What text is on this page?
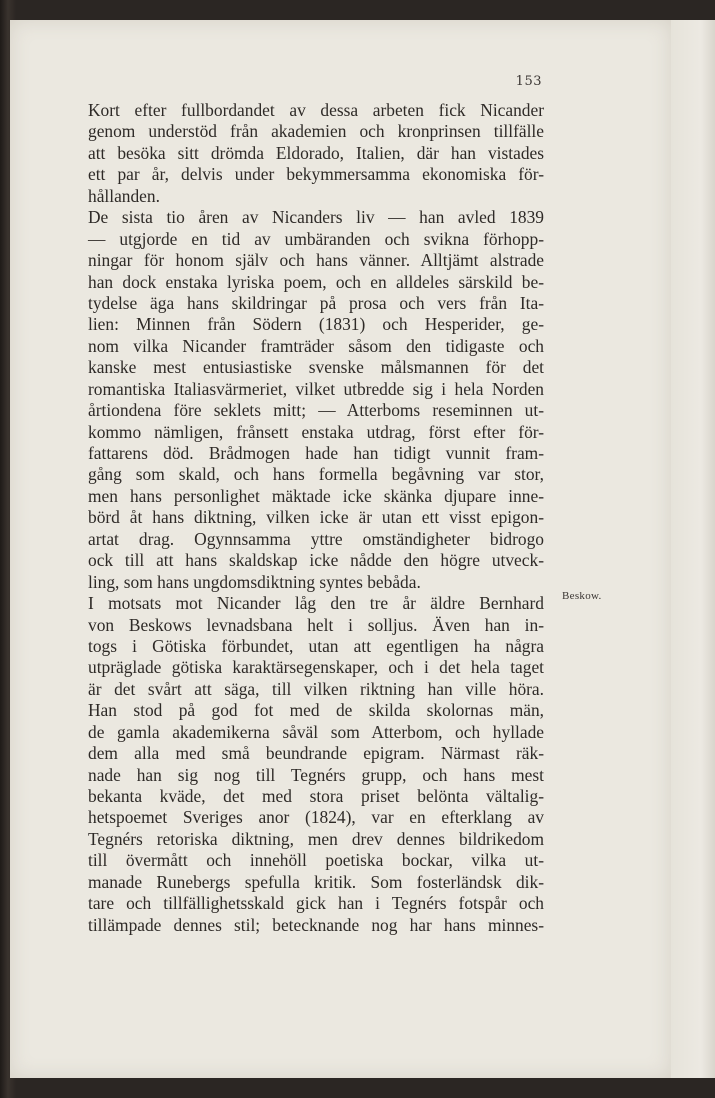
153
Kort efter fullbordandet av dessa arbeten fick Nicander
genom understöd från akademien och kronprinsen tillfälle
att besöka sitt drömda Eldorado, Italien, där han vistades
ett par år, delvis under bekymmersamma ekonomiska för-
hållanden.
De sista tio åren av Nicanders liv — han avled 1839
— utgjorde en tid av umbäranden och svikna förhopp-
ningar för honom själv och hans vänner. Alltjämt alstrade
han dock enstaka lyriska poem, och en alldeles särskild be-
tydelse äga hans skildringar på prosa och vers från Ita-
lien: Minnen från Södern (1831) och Hesperider, ge-
nom vilka Nicander framträder såsom den tidigaste och
kanske mest entusiastiske svenske målsmannen för det
romantiska Italiasvärmeriet, vilket utbredde sig i hela Norden
årtiondena före seklets mitt; — Atterboms reseminnen ut-
kommo nämligen, frånsett enstaka utdrag, först efter för-
fattarens död. Brådmogen hade han tidigt vunnit fram-
gång som skald, och hans formella begåvning var stor,
men hans personlighet mäktade icke skänka djupare inne-
börd åt hans diktning, vilken icke är utan ett visst epigon-
artat drag. Ogynnsamma yttre omständigheter bidrogo
ock till att hans skaldskap icke nådde den högre utveck-
ling, som hans ungdomsdiktning syntes bebåda.
I motsats mot Nicander låg den tre år äldre Bernhard
von Beskows levnadsbana helt i solljus. Även han in-
togs i Götiska förbundet, utan att egentligen ha några
utpräglade götiska karaktärsegenskaper, och i det hela taget
är det svårt att säga, till vilken riktning han ville höra.
Han stod på god fot med de skilda skolornas män,
de gamla akademikerna såväl som Atterbom, och hyllade
dem alla med små beundrande epigram. Närmast räk-
nade han sig nog till Tegnérs grupp, och hans mest
bekanta kväde, det med stora priset belönta vältalig-
hetspoemet Sveriges anor (1824), var en efterklang av
Tegnérs retoriska diktning, men drev dennes bildrikedom
till övermått och innehöll poetiska bockar, vilka ut-
manade Runebergs spefulla kritik. Som fosterländsk dik-
tare och tillfällighetsskald gick han i Tegnérs fotspår och
tillämpade dennes stil; betecknande nog har hans minnes-
Beskow.
